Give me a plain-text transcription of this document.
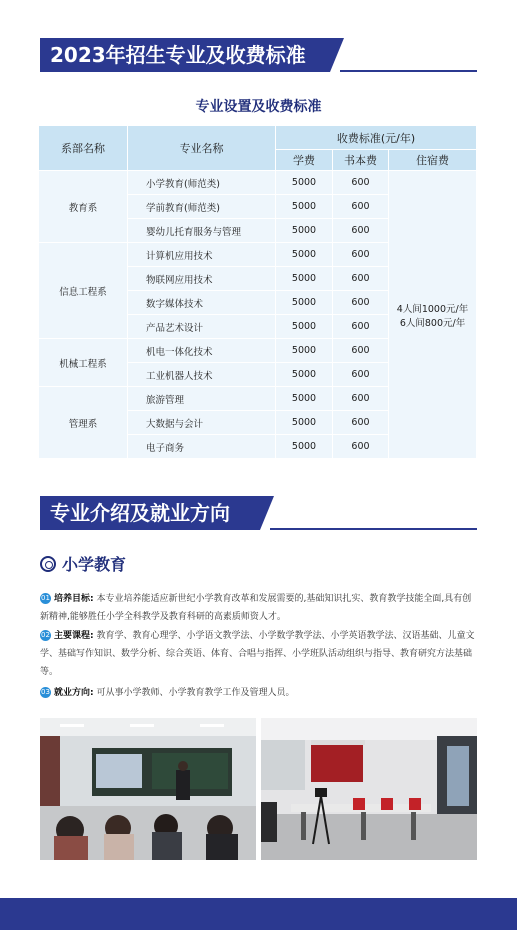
2023年招生专业及收费标准
专业设置及收费标准
系部名称	专业名称	收费标准(元/年)		
		学费	书本费	住宿费
教育系	小学教育(师范类)	5000	600	4人间1000元/年
6人间800元/年

	学前教育(师范类)	5000	600	
	婴幼儿托育服务与管理	5000	600	
信息工程系	计算机应用技术	5000	600	
	物联网应用技术	5000	600	
	数字媒体技术	5000	600	
	产品艺术设计	5000	600	
机械工程系	机电一体化技术	5000	600	
	工业机器人技术	5000	600	
管理系	旅游管理	5000	600	
	大数据与会计	5000	600	
	电子商务	5000	600	
专业介绍及就业方向
小学教育
01 培养目标: 本专业培养能适应新世纪小学教育改革和发展需要的,基础知识扎实、教育教学技能全面,具有创新精神,能够胜任小学全科教学及教育科研的高素质师资人才。
02 主要课程: 教育学、教育心理学、小学语文教学法、小学数学教学法、小学英语教学法、汉语基础、儿童文学、基础写作知识、数学分析、综合英语、体育、合唱与指挥、小学班队活动组织与指导、教育研究方法基础等。
03 就业方向: 可从事小学教师、小学教育教学工作及管理人员。
